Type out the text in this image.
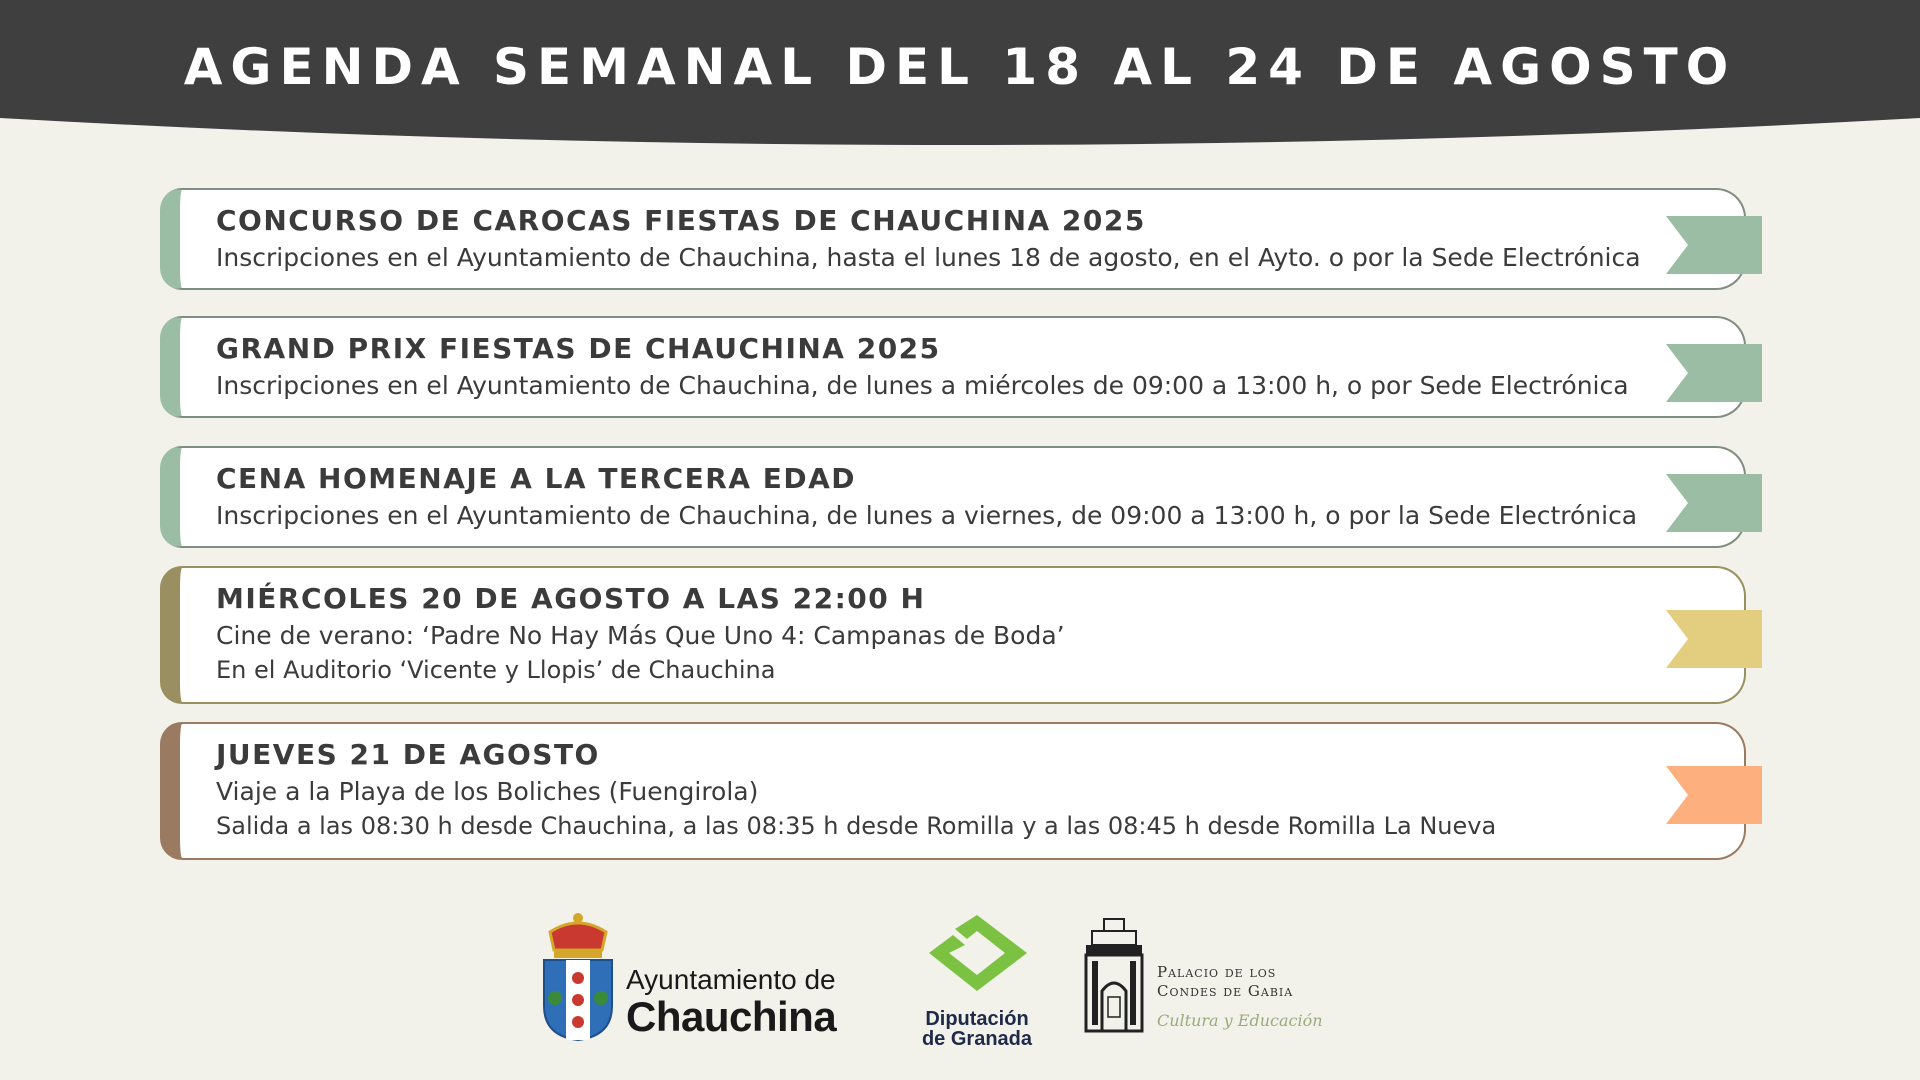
AGENDA SEMANAL DEL 18 AL 24 DE AGOSTO
CONCURSO DE CAROCAS FIESTAS DE CHAUCHINA 2025
Inscripciones en el Ayuntamiento de Chauchina, hasta el lunes 18 de agosto, en el Ayto. o por la Sede Electrónica
GRAND PRIX FIESTAS DE CHAUCHINA 2025
Inscripciones en el Ayuntamiento de Chauchina, de lunes a miércoles de 09:00 a 13:00 h, o por Sede Electrónica
CENA HOMENAJE A LA TERCERA EDAD
Inscripciones en el Ayuntamiento de Chauchina, de lunes a viernes, de 09:00 a 13:00 h, o por la Sede Electrónica
MIÉRCOLES 20 DE AGOSTO A LAS 22:00 H
Cine de verano: ‘Padre No Hay Más Que Uno 4: Campanas de Boda’
En el Auditorio ‘Vicente y Llopis’ de Chauchina
JUEVES 21 DE AGOSTO
Viaje a la Playa de los Boliches (Fuengirola)
Salida a las 08:30 h desde Chauchina, a las 08:35 h desde Romilla y a las 08:45 h desde Romilla La Nueva
Ayuntamiento de
Chauchina	Diputación
de Granada
Palacio de los
Condes de Gabia
Cultura y Educación
